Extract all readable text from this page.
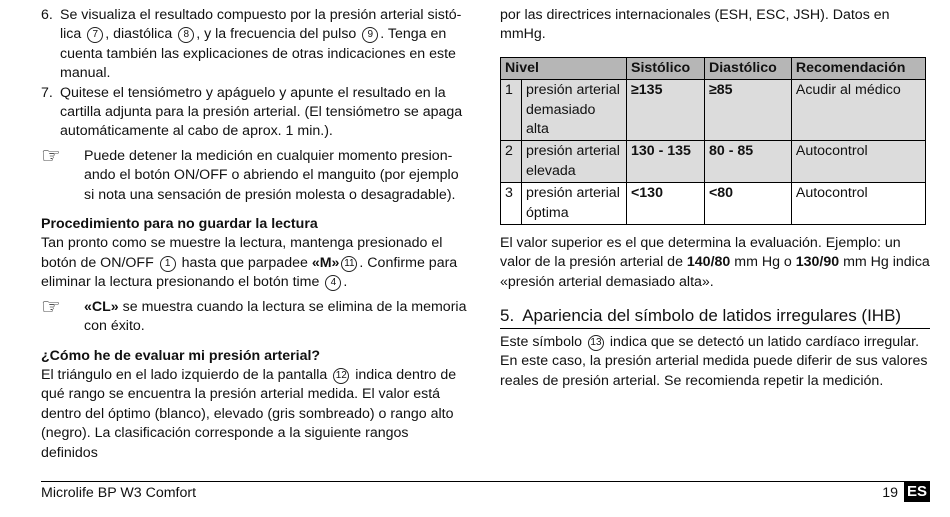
6. Se visualiza el resultado compuesto por la presión arterial sistó-lica 7 , diastólica 8 , y la frecuencia del pulso 9 . Tenga en cuenta también las explicaciones de otras indicaciones en este manual.

7. Quitese el tensiómetro y apáguelo y apunte el resultado en la cartilla adjunta para la presión arterial. (El tensiómetro se apaga automáticamente al cabo de aprox. 1 min.).

☞	Puede detener la medición en cualquier momento presion-ando el botón ON/OFF o abriendo el manguito (por ejemplo si nota una sensación de presión molesta o desagradable).

Procedimiento para no guardar la lectura

Tan pronto como se muestre la lectura, mantenga presionado el botón de ON/OFF 1 hasta que parpadee «M» 11 . Confirme para eliminar la lectura presionando el botón time 4 .

☞	«CL» se muestra cuando la lectura se elimina de la memoria con éxito.

¿Cómo he de evaluar mi presión arterial?

El triángulo en el lado izquierdo de la pantalla 12 indica dentro de qué rango se encuentra la presión arterial medida. El valor está dentro del óptimo (blanco), elevado (gris sombreado) o rango alto (negro). La clasificación corresponde a la siguiente rangos definidos

por las directrices internacionales (ESH, ESC, JSH). Datos en mmHg.

Nivel		Sistólico	Diastólico	Recomendación
1	presión arterial demasiado alta	≥135	≥85	Acudir al médico
2	presión arterial elevada	130 - 135	80 - 85	Autocontrol
3	presión arterial óptima	<130	<80	Autocontrol

El valor superior es el que determina la evaluación. Ejemplo: un valor de la presión arterial de 140/80 mm Hg o 130/90 mm Hg indica «presión arterial demasiado alta».

5. Apariencia del símbolo de latidos irregulares (IHB)

Este símbolo 13 indica que se detectó un latido cardíaco irregular. En este caso, la presión arterial medida puede diferir de sus valores reales de presión arterial. Se recomienda repetir la medición.

Microlife BP W3 Comfort	19 ES
